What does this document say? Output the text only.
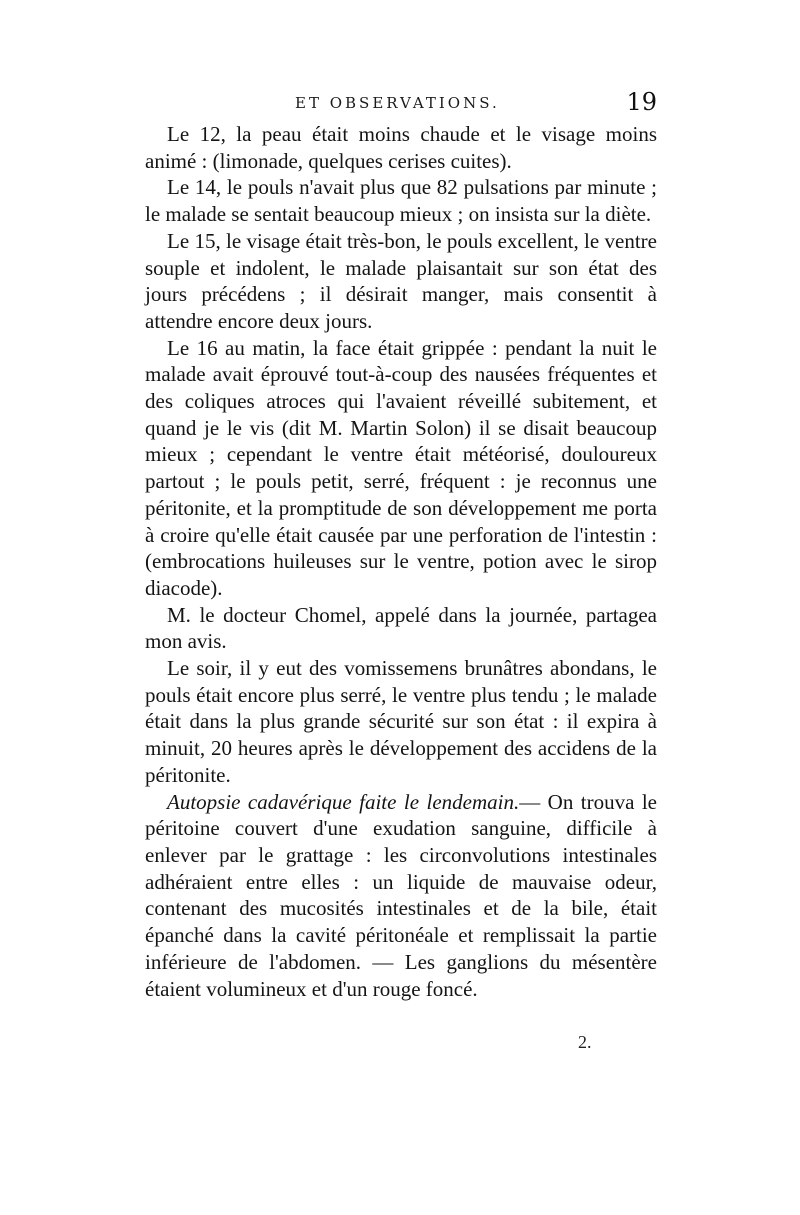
ET OBSERVATIONS.	19

Le 12, la peau était moins chaude et le visage moins animé : (limonade, quelques cerises cuites).

Le 14, le pouls n'avait plus que 82 pulsations par minute ; le malade se sentait beaucoup mieux ; on insista sur la diète.

Le 15, le visage était très-bon, le pouls excellent, le ventre souple et indolent, le malade plaisantait sur son état des jours précédens ; il désirait manger, mais consentit à attendre encore deux jours.

Le 16 au matin, la face était grippée : pendant la nuit le malade avait éprouvé tout-à-coup des nausées fréquentes et des coliques atroces qui l'avaient réveillé subitement, et quand je le vis (dit M. Martin Solon) il se disait beaucoup mieux ; cependant le ventre était météorisé, douloureux partout ; le pouls petit, serré, fréquent : je reconnus une péritonite, et la promptitude de son développement me porta à croire qu'elle était causée par une perforation de l'intestin : (embrocations huileuses sur le ventre, potion avec le sirop diacode).

M. le docteur Chomel, appelé dans la journée, partagea mon avis.

Le soir, il y eut des vomissemens brunâtres abondans, le pouls était encore plus serré, le ventre plus tendu ; le malade était dans la plus grande sécurité sur son état : il expira à minuit, 20 heures après le développement des accidens de la péritonite.

Autopsie cadavérique faite le lendemain.— On trouva le péritoine couvert d'une exudation sanguine, difficile à enlever par le grattage : les circonvolutions intestinales adhéraient entre elles : un liquide de mauvaise odeur, contenant des mucosités intestinales et de la bile, était épanché dans la cavité péritonéale et remplissait la partie inférieure de l'abdomen. — Les ganglions du mésentère étaient volumineux et d'un rouge foncé.

2.
